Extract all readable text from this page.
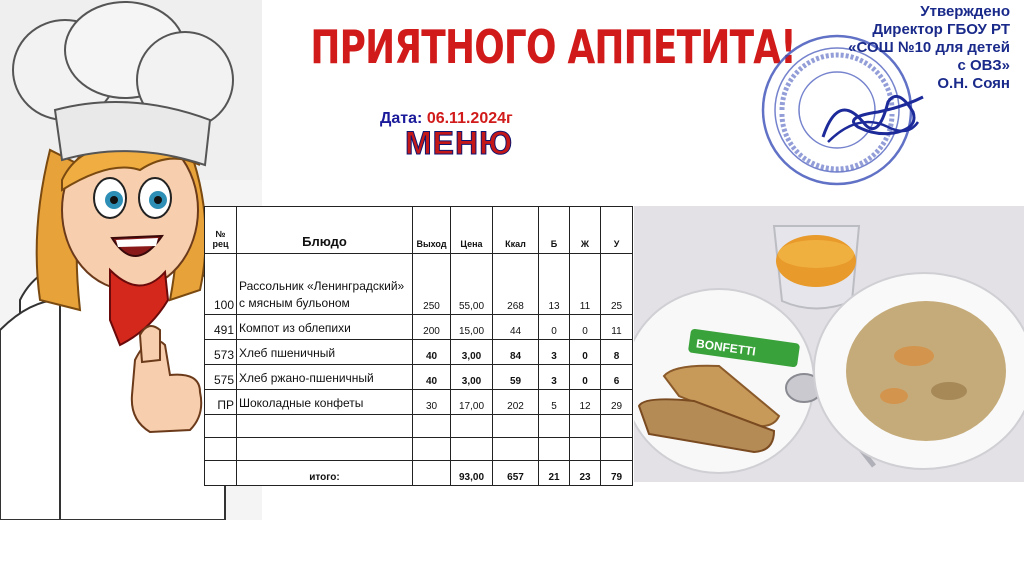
ПРИЯТНОГО АППЕТИТА!
Дата: 06.11.2024г
МЕНЮ
Утверждено
Директор ГБОУ РТ
«СОШ №10 для детей
с ОВЗ»
О.Н. Соян
№
рец	Блюдо	Выход	Цена	Ккал	Б	Ж	У
100	Рассольник «Ленинградский» с мясным бульоном	250	55,00	268	13	11	25
491	Компот из облепихи	200	15,00	44	0	0	11
573	Хлеб пшеничный	40	3,00	84	3	0	8
575	Хлеб ржано-пшеничный	40	3,00	59	3	0	6
ПР	Шоколадные конфеты	30	17,00	202	5	12	29

	итого:		93,00	657	21	23	79
BONFETTI
